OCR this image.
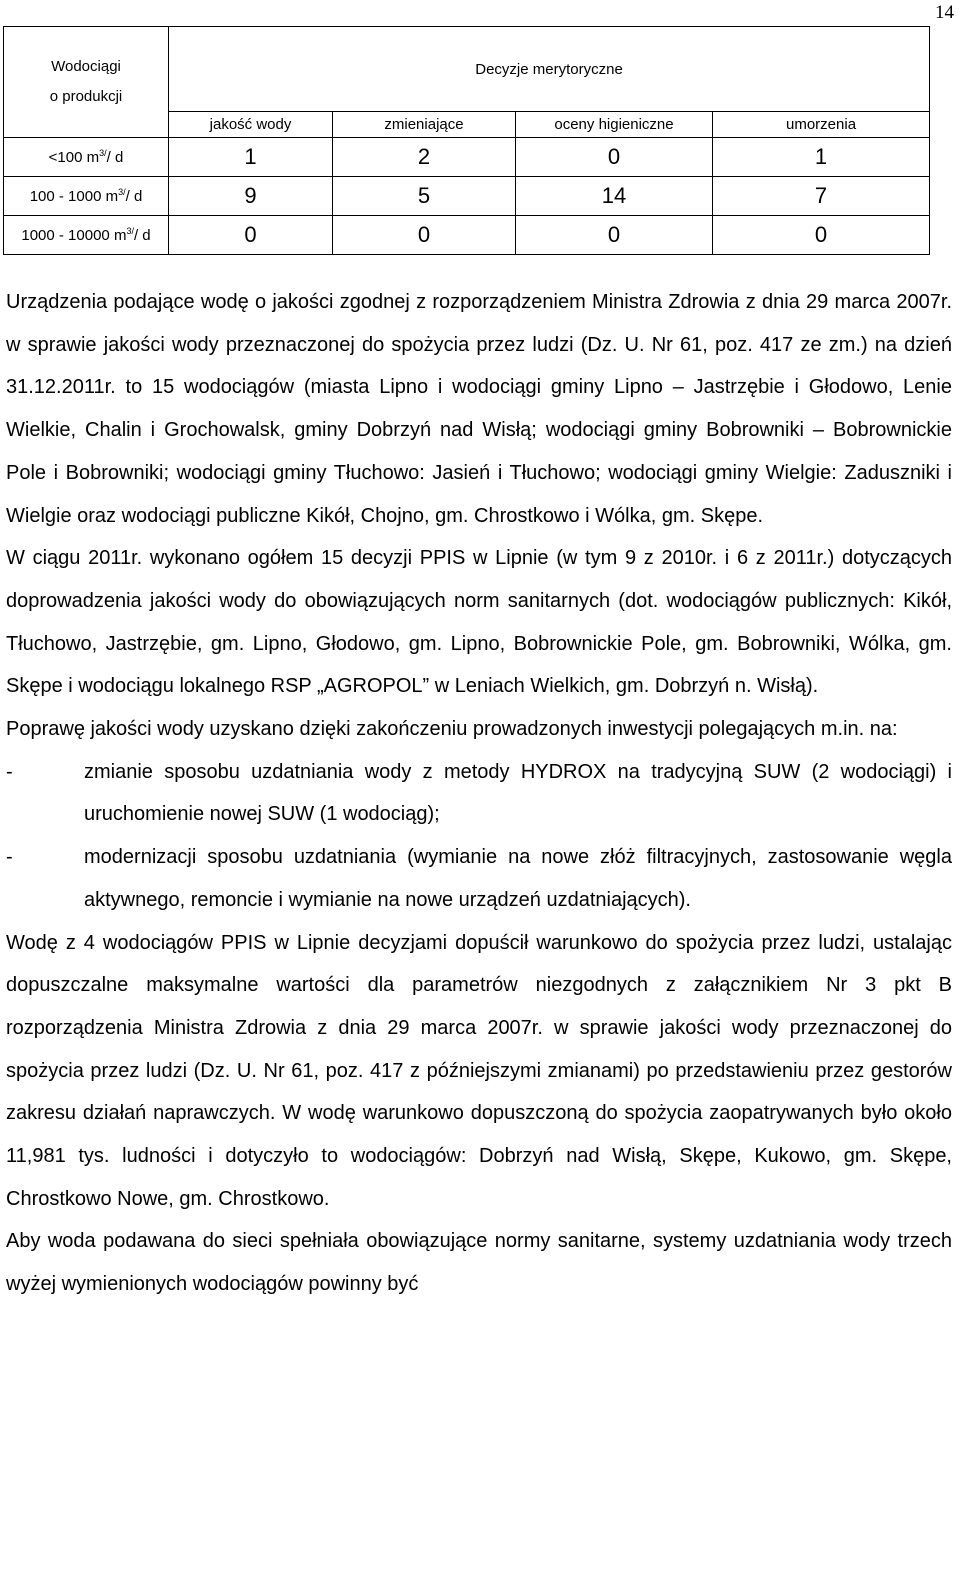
14
Wodociągi
o produkcji	Decyzje merytoryczne			
	jakość wody	zmieniające	oceny higieniczne	umorzenia
<100 $m^{3/}/$ d	1	2	0	1
100 - 1000 $m^{3/}/$ d	9	5	14	7
1000 - 10000 $m^{3/}/$ d	0	0	0	0

Urządzenia podające wodę o jakości zgodnej z rozporządzeniem Ministra Zdrowia z dnia 29 marca 2007r. w sprawie jakości wody przeznaczonej do spożycia przez ludzi (Dz. U. Nr 61, poz. 417 ze zm.) na dzień 31.12.2011r. to 15 wodociągów (miasta Lipno i wodociągi gminy Lipno – Jastrzębie i Głodowo, Lenie Wielkie, Chalin i Grochowalsk, gminy Dobrzyń nad Wisłą; wodociągi gminy Bobrowniki – Bobrownickie Pole i Bobrowniki; wodociągi gminy Tłuchowo: Jasień i Tłuchowo; wodociągi gminy Wielgie: Zaduszniki i Wielgie oraz wodociągi publiczne Kikół, Chojno, gm. Chrostkowo i Wólka, gm. Skępe.

W ciągu 2011r. wykonano ogółem 15 decyzji PPIS w Lipnie (w tym 9 z 2010r. i 6 z 2011r.) dotyczących doprowadzenia jakości wody do obowiązujących norm sanitarnych (dot. wodociągów publicznych: Kikół, Tłuchowo, Jastrzębie, gm. Lipno, Głodowo, gm. Lipno, Bobrownickie Pole, gm. Bobrowniki, Wólka, gm. Skępe i wodociągu lokalnego RSP „AGROPOL” w Leniach Wielkich, gm. Dobrzyń n. Wisłą).

Poprawę jakości wody uzyskano dzięki zakończeniu prowadzonych inwestycji polegających m.in. na:

-	zmianie sposobu uzdatniania wody z metody HYDROX na tradycyjną SUW (2 wodociągi) i uruchomienie nowej SUW (1 wodociąg);
-	modernizacji sposobu uzdatniania (wymianie na nowe złóż filtracyjnych, zastosowanie węgla aktywnego, remoncie i wymianie na nowe urządzeń uzdatniających).

Wodę z 4 wodociągów PPIS w Lipnie decyzjami dopuścił warunkowo do spożycia przez ludzi, ustalając dopuszczalne maksymalne wartości dla parametrów niezgodnych z załącznikiem Nr 3 pkt B rozporządzenia Ministra Zdrowia z dnia 29 marca 2007r. w sprawie jakości wody przeznaczonej do spożycia przez ludzi (Dz. U. Nr 61, poz. 417 z późniejszymi zmianami) po przedstawieniu przez gestorów zakresu działań naprawczych. W wodę warunkowo dopuszczoną do spożycia zaopatrywanych było około 11,981 tys. ludności i dotyczyło to wodociągów: Dobrzyń nad Wisłą, Skępe, Kukowo, gm. Skępe, Chrostkowo Nowe, gm. Chrostkowo.

Aby woda podawana do sieci spełniała obowiązujące normy sanitarne, systemy uzdatniania wody trzech wyżej wymienionych wodociągów powinny być
